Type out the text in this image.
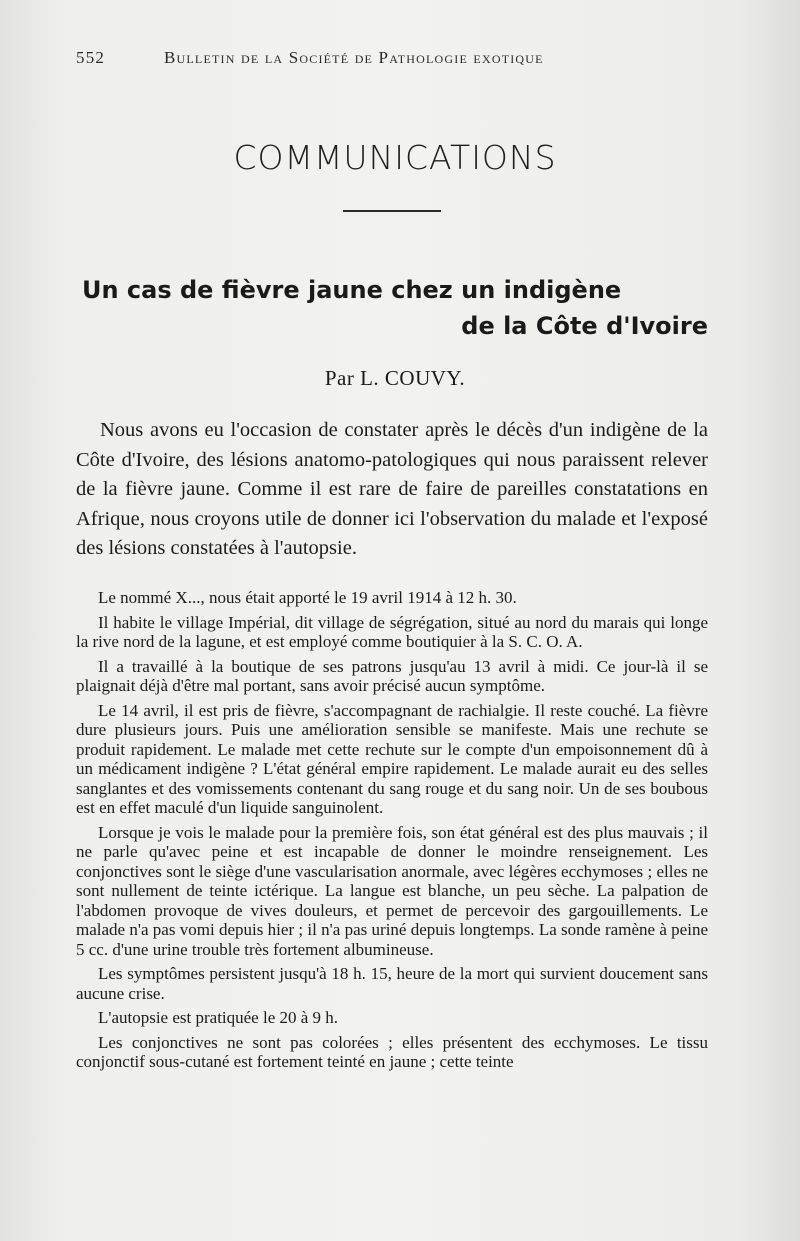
552	Bulletin de la Société de Pathologie exotique
COMMUNICATIONS
Un cas de fièvre jaune chez un indigène
de la Côte d'Ivoire
Par L. COUVY.

Nous avons eu l'occasion de constater après le décès d'un indigène de la Côte d'Ivoire, des lésions anatomo-patologiques qui nous paraissent relever de la fièvre jaune. Comme il est rare de faire de pareilles constatations en Afrique, nous croyons utile de donner ici l'observation du malade et l'exposé des lésions constatées à l'autopsie.

Le nommé X..., nous était apporté le 19 avril 1914 à 12 h. 30.

Il habite le village Impérial, dit village de ségrégation, situé au nord du marais qui longe la rive nord de la lagune, et est employé comme boutiquier à la S. C. O. A.

Il a travaillé à la boutique de ses patrons jusqu'au 13 avril à midi. Ce jour-là il se plaignait déjà d'être mal portant, sans avoir précisé aucun symptôme.

Le 14 avril, il est pris de fièvre, s'accompagnant de rachialgie. Il reste couché. La fièvre dure plusieurs jours. Puis une amélioration sensible se manifeste. Mais une rechute se produit rapidement. Le malade met cette rechute sur le compte d'un empoisonnement dû à un médicament indigène ? L'état général empire rapidement. Le malade aurait eu des selles sanglantes et des vomissements contenant du sang rouge et du sang noir. Un de ses boubous est en effet maculé d'un liquide sanguinolent.

Lorsque je vois le malade pour la première fois, son état général est des plus mauvais ; il ne parle qu'avec peine et est incapable de donner le moindre renseignement. Les conjonctives sont le siège d'une vascularisation anormale, avec légères ecchymoses ; elles ne sont nullement de teinte ictérique. La langue est blanche, un peu sèche. La palpation de l'abdomen provoque de vives douleurs, et permet de percevoir des gargouillements. Le malade n'a pas vomi depuis hier ; il n'a pas uriné depuis longtemps. La sonde ramène à peine 5 cc. d'une urine trouble très fortement albumineuse.

Les symptômes persistent jusqu'à 18 h. 15, heure de la mort qui survient doucement sans aucune crise.

L'autopsie est pratiquée le 20 à 9 h.

Les conjonctives ne sont pas colorées ; elles présentent des ecchymoses. Le tissu conjonctif sous-cutané est fortement teinté en jaune ; cette teinte
